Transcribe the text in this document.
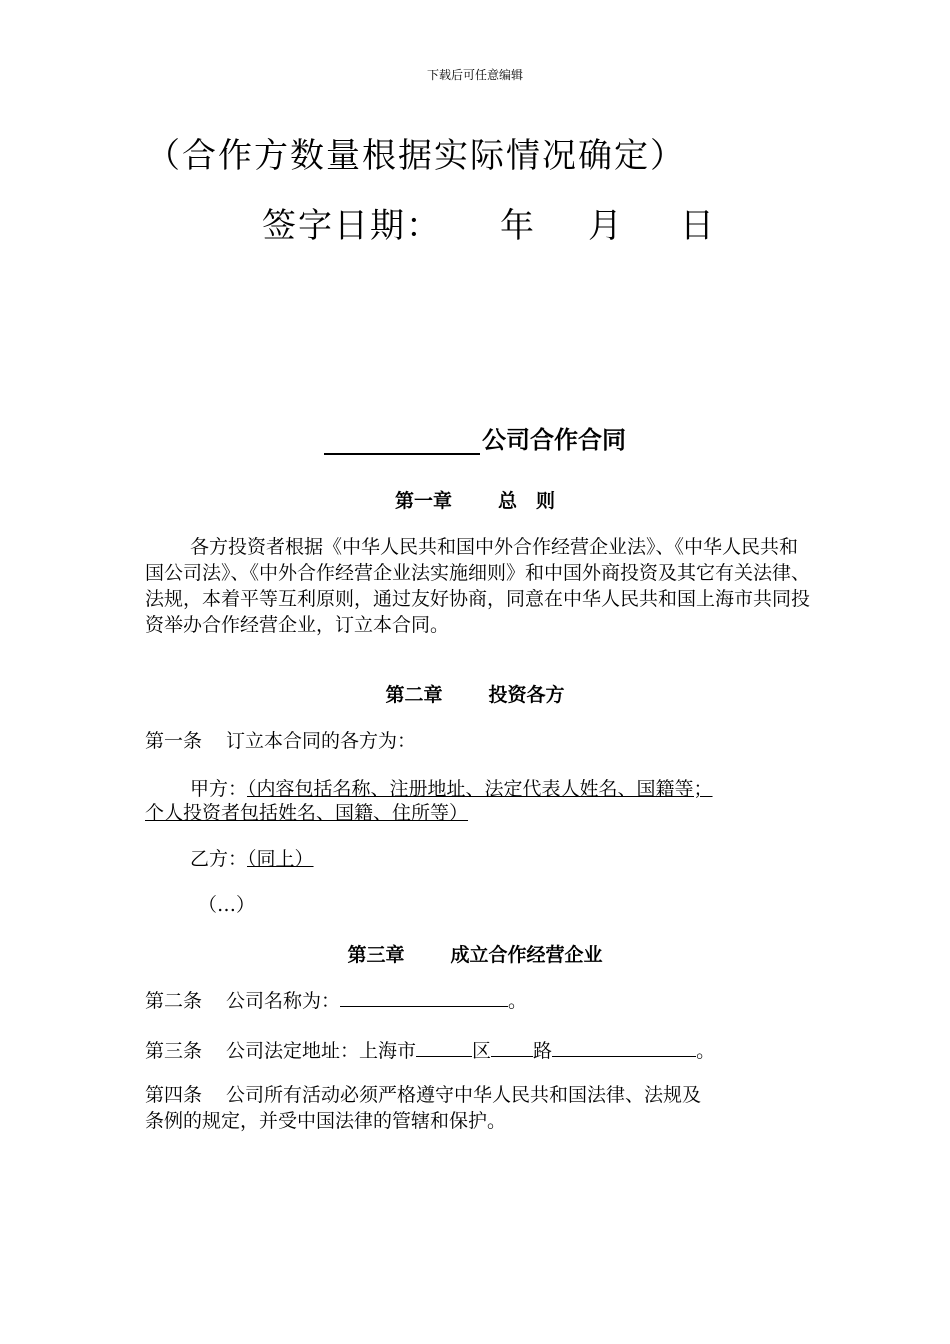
下载后可任意编辑
（合作方数量根据实际情况确定）
签字日期： 年 月 日
公司合作合同
第一章 总　则
各方投资者根据《中华人民共和国中外合作经营企业法》、《中华人民共和国公司法》、《中外合作经营企业法实施细则》和中国外商投资及其它有关法律、法规，本着平等互利原则，通过友好协商，同意在中华人民共和国上海市共同投资举办合作经营企业，订立本合同。
第二章 投资各方
第一条 订立本合同的各方为：
甲方：（内容包括名称、注册地址、法定代表人姓名、国籍等；
个人投资者包括姓名、国籍、住所等）
乙方：（同上）
（…）
第三章 成立合作经营企业
第二条 公司名称为：	。
第三条 公司法定地址：上海市	区 路	。
第四条 公司所有活动必须严格遵守中华人民共和国法律、法规及
条例的规定，并受中国法律的管辖和保护。
